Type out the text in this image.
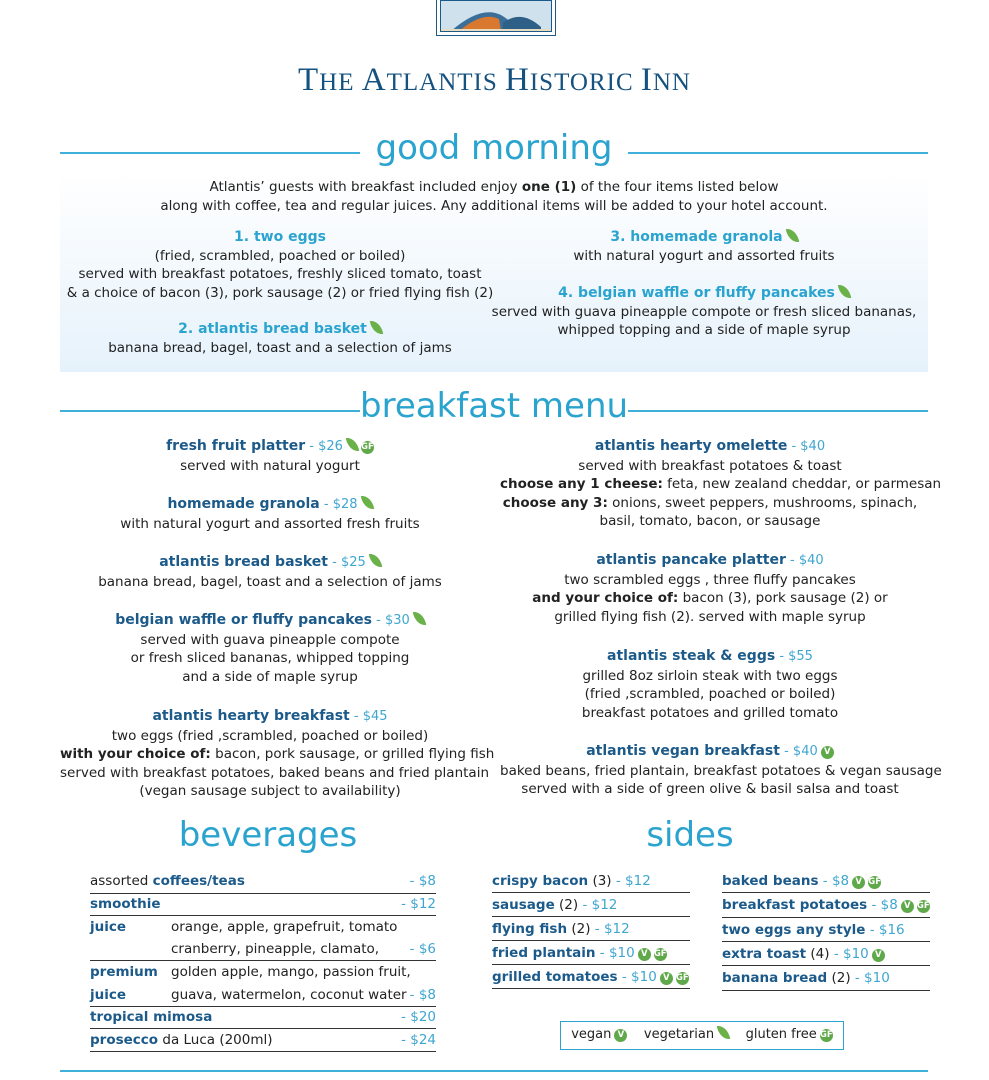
THE ATLANTIS HISTORIC INN
good morning
Atlantis’ guests with breakfast included enjoy one (1) of the four items listed below
along with coffee, tea and regular juices. Any additional items will be added to your hotel account.
1. two eggs
(fried, scrambled, poached or boiled)
served with breakfast potatoes, freshly sliced tomato, toast
& a choice of bacon (3), pork sausage (2) or fried flying fish (2)
2. atlantis bread basket
banana bread, bagel, toast and a selection of jams
3. homemade granola
with natural yogurt and assorted fruits
4. belgian waffle or fluffy pancakes
served with guava pineapple compote or fresh sliced bananas,
whipped topping and a side of maple syrup
breakfast menu
fresh fruit platter - $26 GF
served with natural yogurt
homemade granola - $28
with natural yogurt and assorted fresh fruits
atlantis bread basket - $25
banana bread, bagel, toast and a selection of jams
belgian waffle or fluffy pancakes - $30
served with guava pineapple compote
or fresh sliced bananas, whipped topping
and a side of maple syrup
atlantis hearty breakfast - $45
two eggs (fried ,scrambled, poached or boiled)
with your choice of: bacon, pork sausage, or grilled flying fish
served with breakfast potatoes, baked beans and fried plantain
(vegan sausage subject to availability)
atlantis hearty omelette - $40
served with breakfast potatoes & toast
choose any 1 cheese: feta, new zealand cheddar, or parmesan
choose any 3: onions, sweet peppers, mushrooms, spinach,
basil, tomato, bacon, or sausage
atlantis pancake platter - $40
two scrambled eggs , three fluffy pancakes
and your choice of: bacon (3), pork sausage (2) or
grilled flying fish (2). served with maple syrup
atlantis steak & eggs - $55
grilled 8oz sirloin steak with two eggs
(fried ,scrambled, poached or boiled)
breakfast potatoes and grilled tomato
atlantis vegan breakfast - $40 V
baked beans, fried plantain, breakfast potatoes & vegan sausage
served with a side of green olive & basil salsa and toast
beverages
assorted coffees/teas	- $8
smoothie	- $12
juice	orange, apple, grapefruit, tomato
cranberry, pineapple, clamato, - $6
premium golden apple, mango, passion fruit,
juice	guava, watermelon, coconut water - $8
tropical mimosa	- $20
prosecco da Luca (200ml)	- $24
sides
crispy bacon (3) - $12
sausage (2) - $12
flying fish (2) - $12
fried plantain - $10 V GF
grilled tomatoes - $10 V GF
baked beans - $8 V GF
breakfast potatoes - $8 V GF
two eggs any style - $16
extra toast (4) - $10 V
banana bread (2) - $10
vegan V vegetarian gluten free GF
